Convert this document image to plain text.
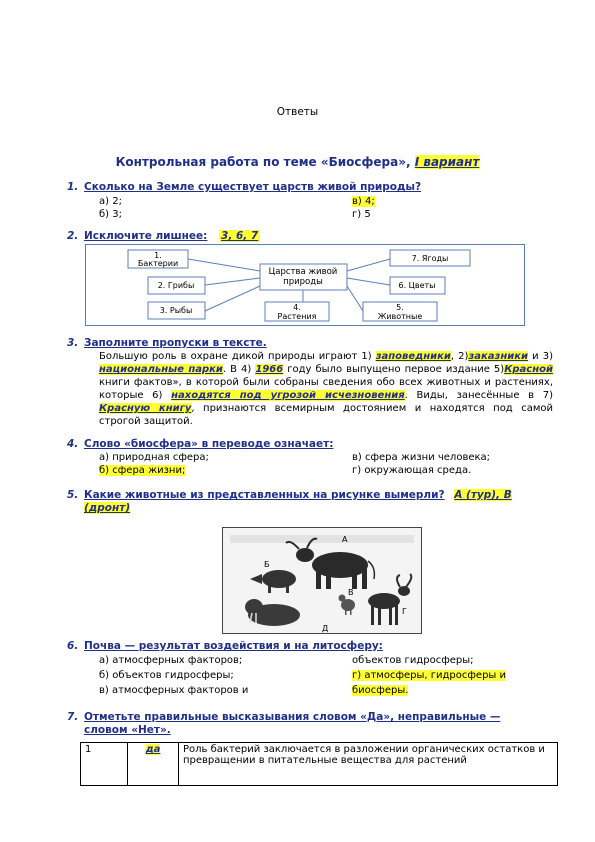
Ответы
Контрольная работа по теме «Биосфера», I вариант
1. Сколько на Земле существует царств живой природы?
а) 2;	в) 4;
б) 3;	г) 5
2. Исключите лишнее: 3, 6, 7
Царства живой
природы
1.
Бактерии
7. Ягоды
2. Грибы	6. Цветы
3. Рыбы	4.
Растения
5.
Животные
3. Заполните пропуски в тексте.
Большую роль в охране дикой природы играют 1) заповедники, 2)заказники и 3) национальные парки. В 4) 1966 году было выпущено первое издание 5)Красной книги фактов», в которой были собраны сведения обо всех животных и растениях, которые 6) находятся под угрозой исчезновения. Виды, занесённые в 7) Красную книгу, признаются всемирным достоянием и находятся под самой строгой защитой.
4. Слово «биосфера» в переводе означает:
а) природная сфера;	в) сфера жизни человека;
б) сфера жизни;	г) окружающая среда.
5. Какие животные из представленных на рисунке вымерли? А (тур), В
(дронт)
А
Б
Д
В
Г
6. Почва — результат воздействия и на литосферу:
а) атмосферных факторов;	объектов гидросферы;
б) объектов гидросферы;	г) атмосферы, гидросферы и
в) атмосферных факторов и	биосферы.
7. Отметьте правильные высказывания словом «Да», неправильные —
словом «Нет».
1	да	Роль бактерий заключается в разложении органических остатков и превращении в питательные вещества для растений
